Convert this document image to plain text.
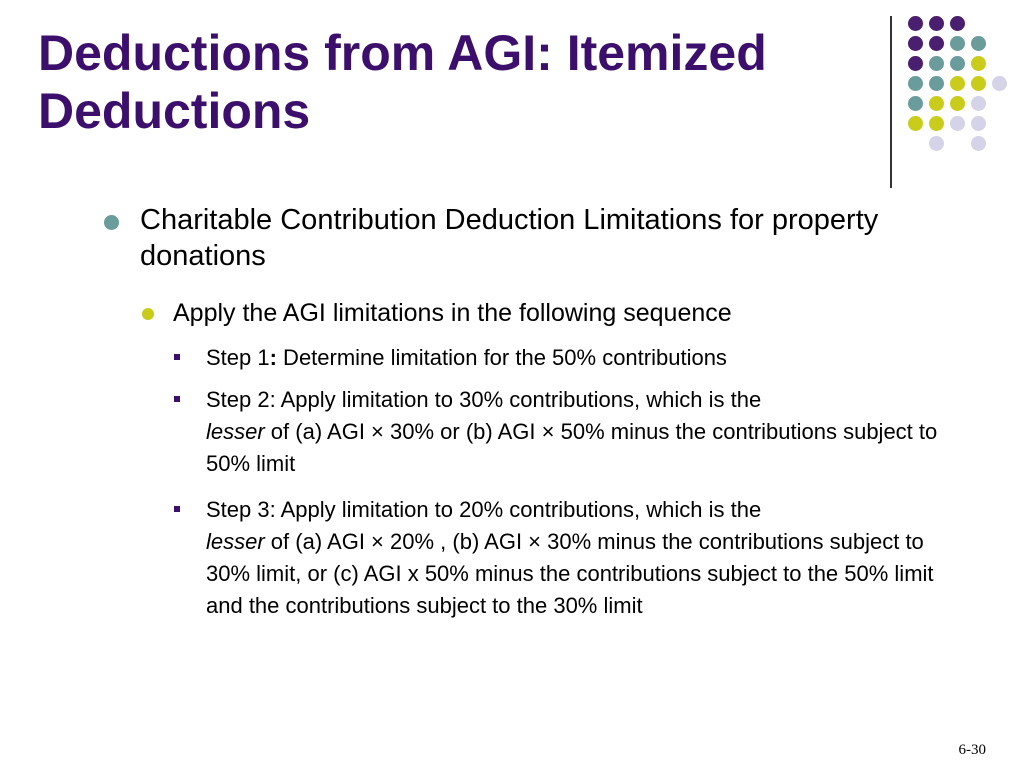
Deductions from AGI: Itemized
Deductions
Charitable Contribution Deduction Limitations for property donations
Apply the AGI limitations in the following sequence
Step 1: Determine limitation for the 50% contributions
Step 2: Apply limitation to 30% contributions, which is the
lesser of (a) AGI × 30% or (b) AGI × 50% minus the contributions subject to 50% limit
Step 3: Apply limitation to 20% contributions, which is the
lesser of (a) AGI × 20% , (b) AGI × 30% minus the contributions subject to 30% limit, or (c) AGI x 50% minus the contributions subject to the 50% limit and the contributions subject to the 30% limit
6-30
